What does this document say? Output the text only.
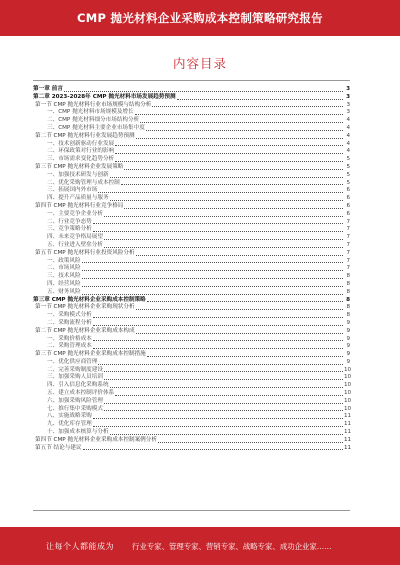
CMP 抛光材料企业采购成本控制策略研究报告
内容目录
第一章 前言	3
第二章 2023-2028年 CMP 抛光材料市场发展趋势预测	3
第一节 CMP 抛光材料行业市场规模与结构分析	3
一、CMP 抛光材料市场规模及增长	3
二、CMP 抛光材料细分市场结构分析	4
三、CMP 抛光材料主要企业市场集中度	4
第二节 CMP 抛光材料行业发展趋势预测	4
一、技术创新驱动行业发展	4
二、环保政策对行业的影响	4
三、市场需求变化趋势分析	5
第三节 CMP 抛光材料企业发展策略	5
一、加强技术研发与创新	5
二、优化采购管理与成本控制	5
三、拓展国内外市场	6
四、提升产品质量与服务	6
第四节 CMP 抛光材料行业竞争格局	6
一、主要竞争企业分析	6
二、行业竞争态势	7
三、竞争策略分析	7
四、未来竞争格局展望	7
五、行业进入壁垒分析	7
第五节 CMP 抛光材料行业投资风险分析	7
一、政策风险	7
二、市场风险	7
三、技术风险	8
四、经营风险	8
五、财务风险	8
第三章 CMP 抛光材料企业采购成本控制策略	8
第一节 CMP 抛光材料企业采购现状分析	8
一、采购模式分析	8
二、采购流程分析	9
第二节 CMP 抛光材料企业采购成本构成	9
一、采购价格成本	9
二、采购管理成本	9
第三节 CMP 抛光材料企业采购成本控制措施	9
一、优化供应商管理	9
二、完善采购制度建设	10
三、加强采购人员培训	10
四、引入信息化采购系统	10
五、建立成本控制评价体系	10
六、加强采购风险管理	10
七、推行集中采购模式	10
八、实施战略采购	11
九、优化库存管理	11
十、加强成本核算与分析	11
第四节 CMP 抛光材料企业采购成本控制案例分析	11
第五节 结论与建议	11
让每个人都能成为 行业专家、管理专家、营销专家、战略专家、成功企业家……
